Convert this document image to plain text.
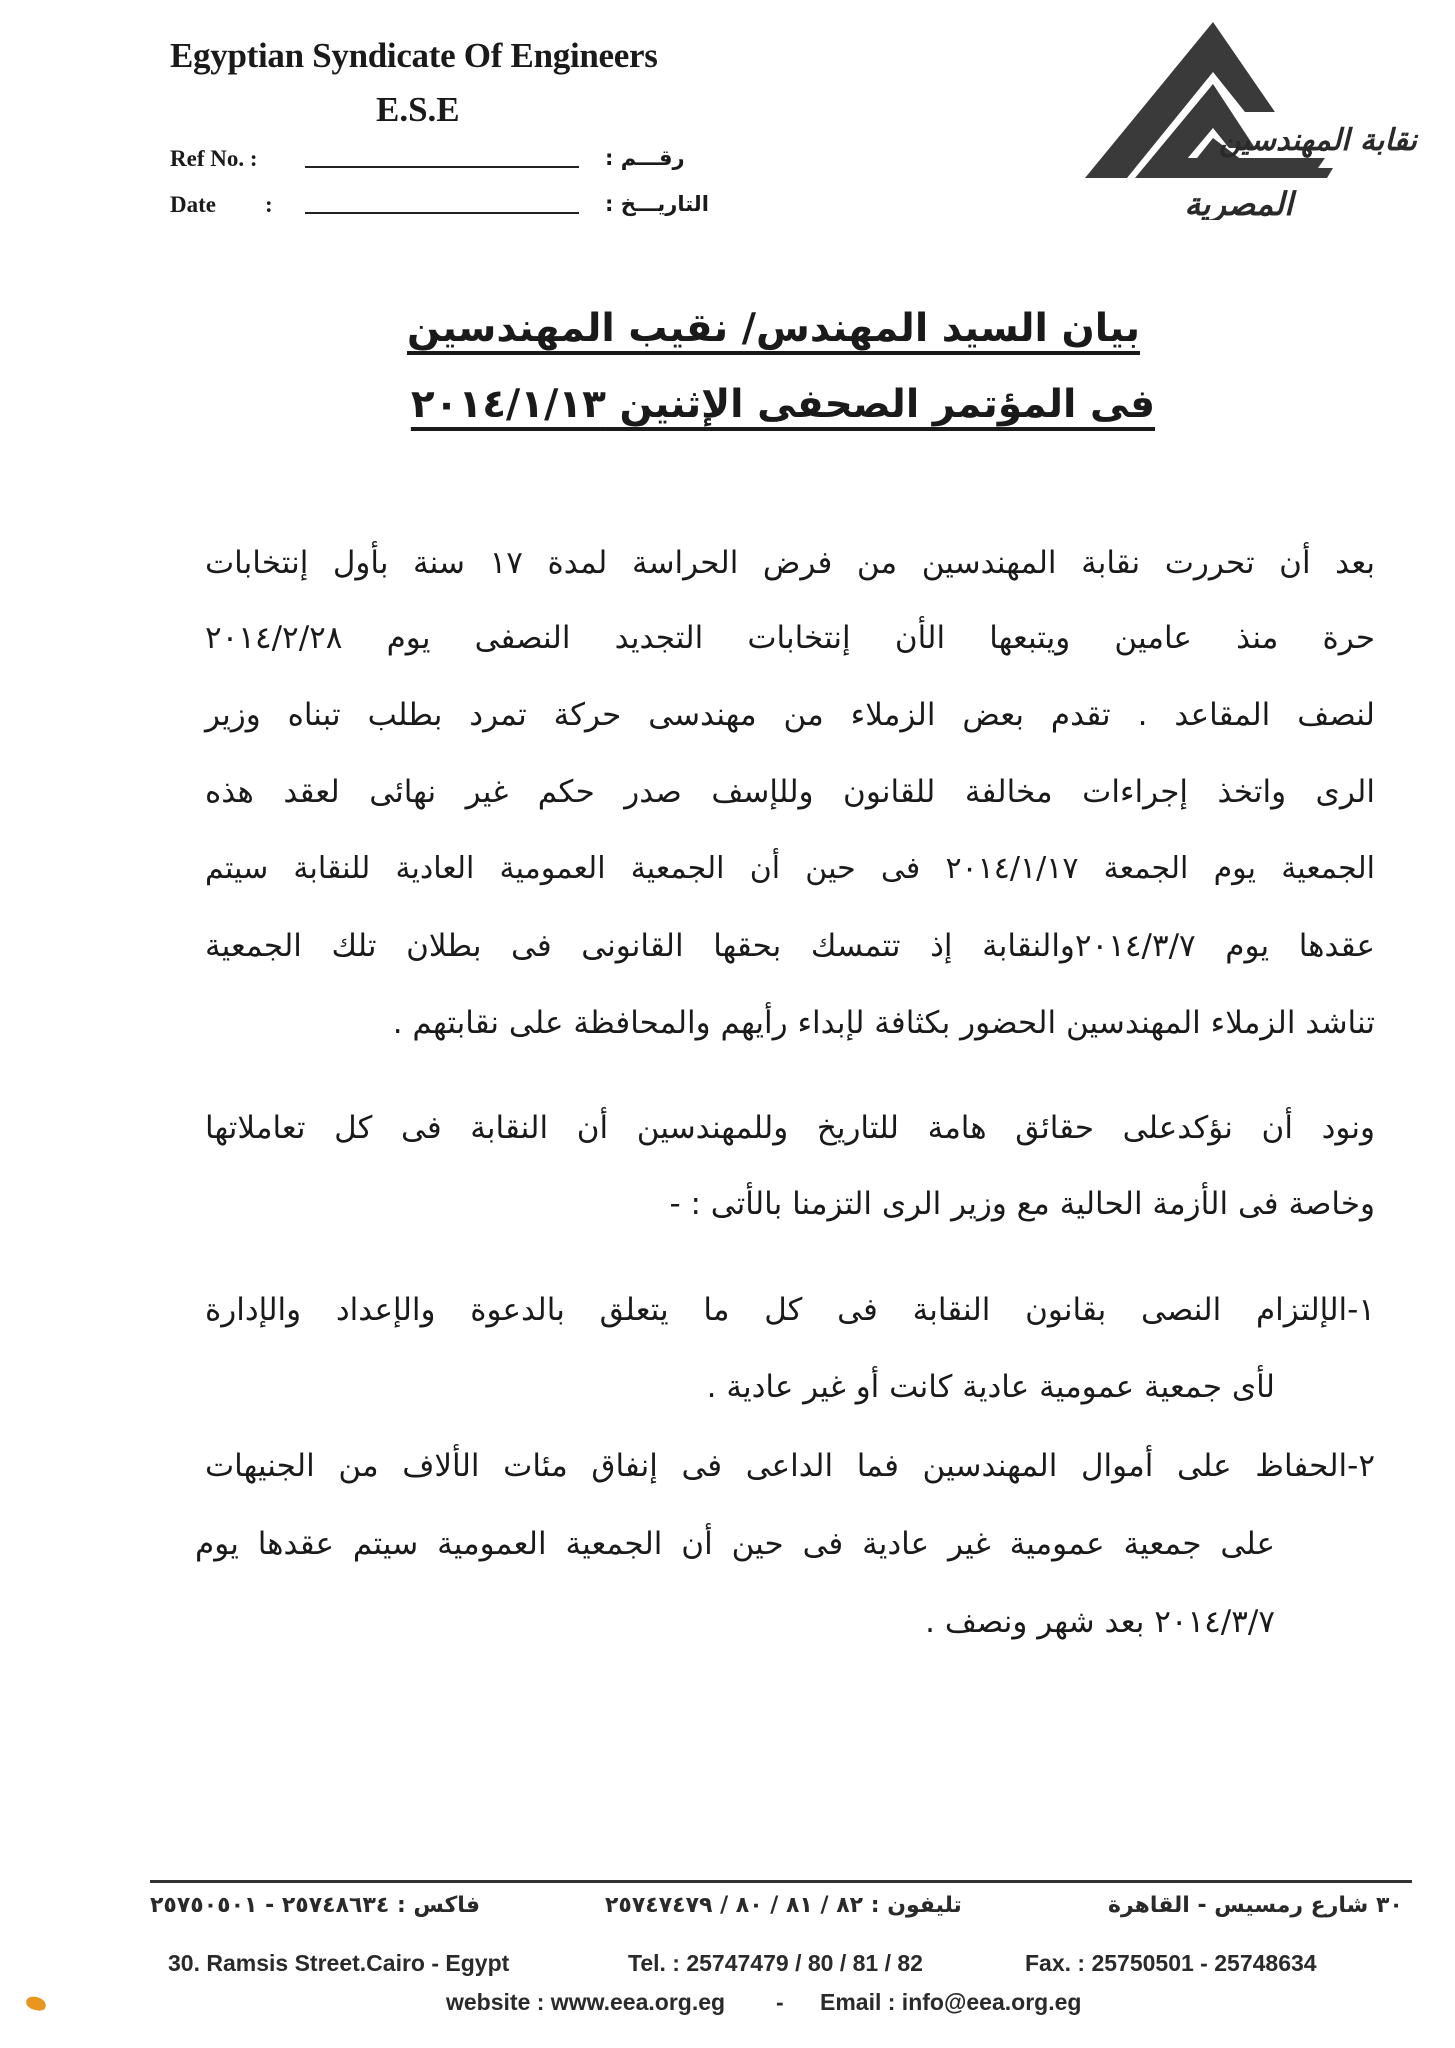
Egyptian Syndicate Of Engineers
E.S.E
Ref No. :	رقـــم :
Date :	التاريـــخ :
نقابة المهندسين
المصرية
بيان السيد المهندس/ نقيب المهندسين
فى المؤتمر الصحفى الإثنين ٢٠١٤/١/١٣
بعد أن تحررت نقابة المهندسين من فرض الحراسة لمدة ١٧ سنة بأول إنتخابات
حرة منذ عامين ويتبعها الأن إنتخابات التجديد النصفى يوم ٢٠١٤/٢/٢٨
لنصف المقاعد . تقدم بعض الزملاء من مهندسى حركة تمرد بطلب تبناه وزير
الرى واتخذ إجراءات مخالفة للقانون وللإسف صدر حكم غير نهائى لعقد هذه
الجمعية يوم الجمعة ٢٠١٤/١/١٧ فى حين أن الجمعية العمومية العادية للنقابة سيتم
عقدها يوم ٢٠١٤/٣/٧والنقابة إذ تتمسك بحقها القانونى فى بطلان تلك الجمعية
تناشد الزملاء المهندسين الحضور بكثافة لإبداء رأيهم والمحافظة على نقابتهم .
ونود أن نؤكدعلى حقائق هامة للتاريخ وللمهندسين أن النقابة فى كل تعاملاتها
وخاصة فى الأزمة الحالية مع وزير الرى التزمنا بالأتى : -
١-الإلتزام النصى بقانون النقابة فى كل ما يتعلق بالدعوة والإعداد والإدارة
لأى جمعية عمومية عادية كانت أو غير عادية .
٢-الحفاظ على أموال المهندسين فما الداعى فى إنفاق مئات الألاف من الجنيهات
على جمعية عمومية غير عادية فى حين أن الجمعية العمومية سيتم عقدها يوم
٢٠١٤/٣/٧ بعد شهر ونصف .
فاكس : ٢٥٧٤٨٦٣٤ - ٢٥٧٥٠٥٠١	تليفون : ٨٢ / ٨١ / ٨٠ / ٢٥٧٤٧٤٧٩	٣٠ شارع رمسيس - القاهرة
30. Ramsis Street.Cairo - Egypt	Tel. : 25747479 / 80 / 81 / 82	Fax. : 25750501 - 25748634
website : www.eea.org.eg - Email : info@eea.org.eg
